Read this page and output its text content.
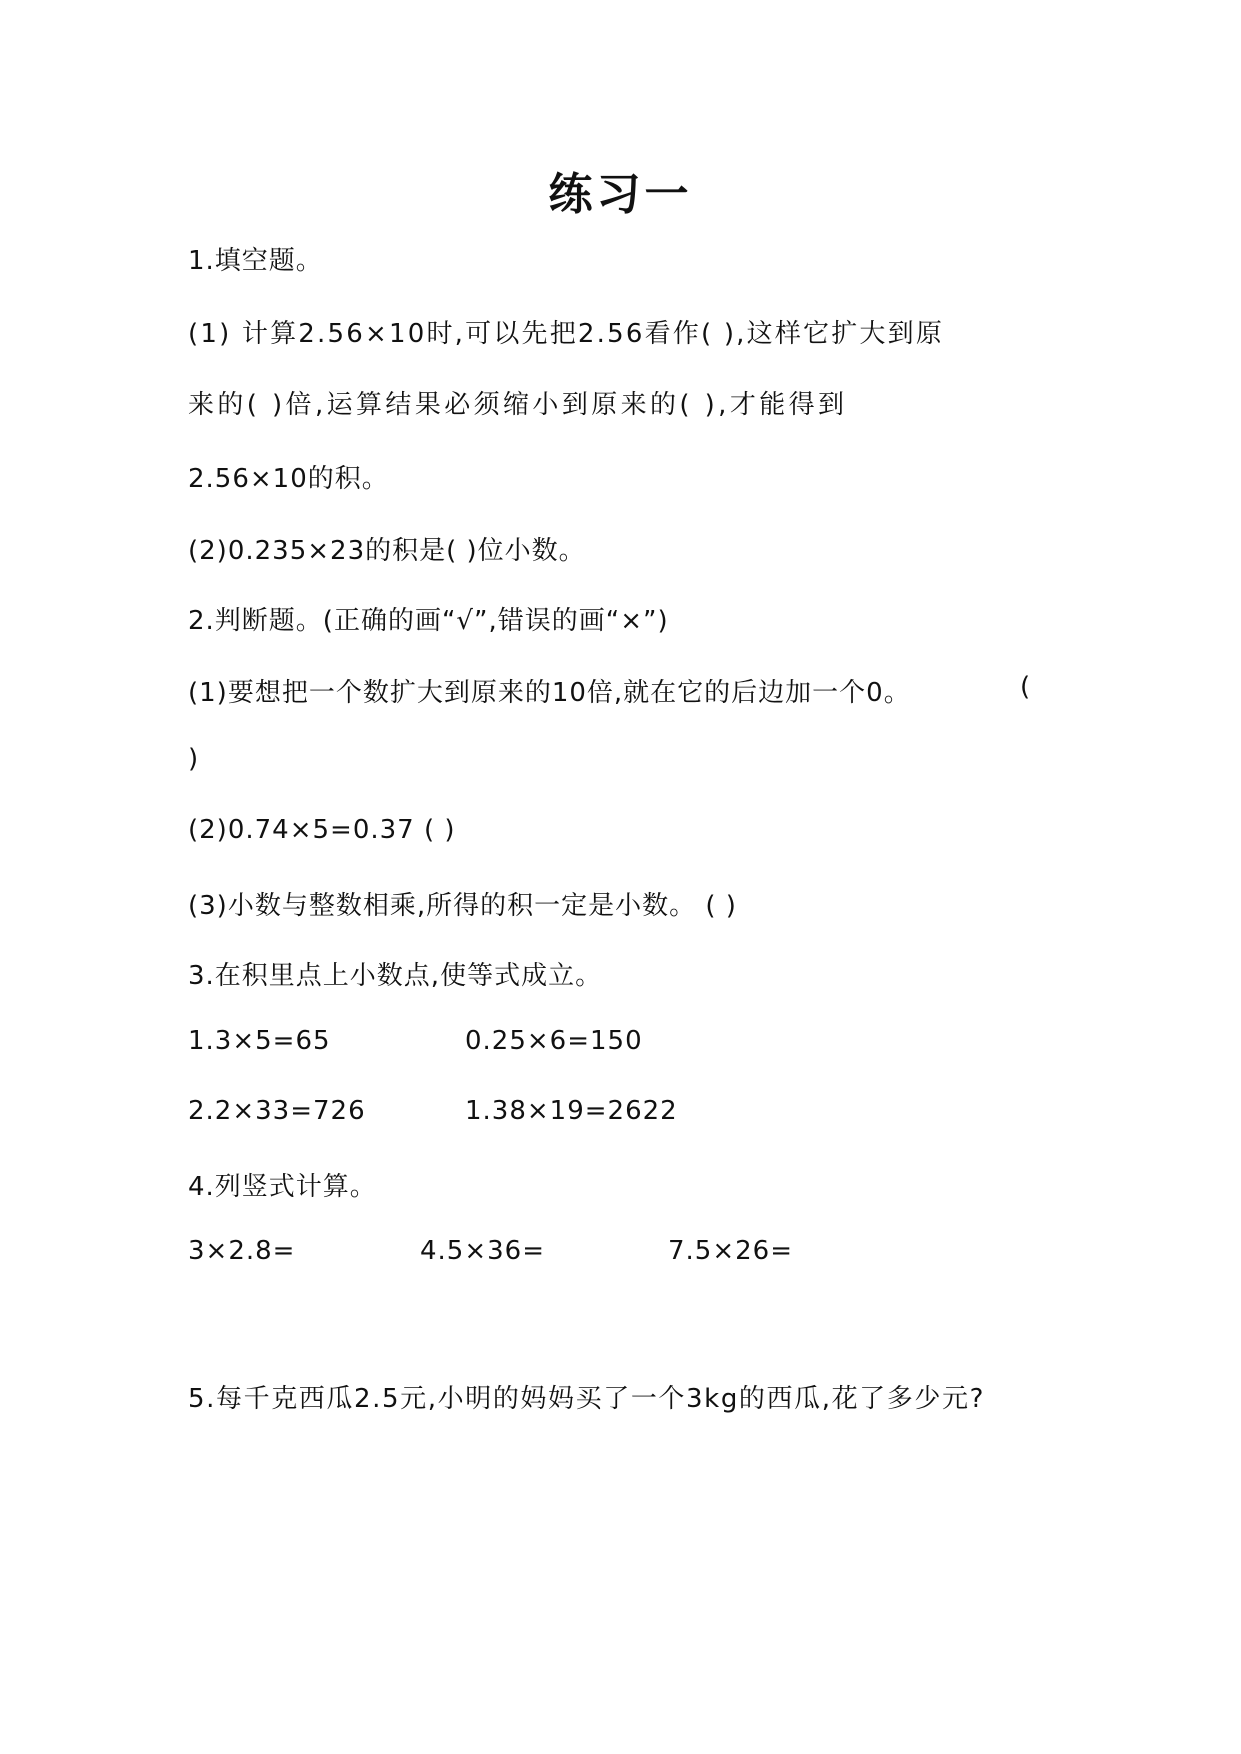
练习一
1.填空题。
(1) 计算2.56×10时,可以先把2.56看作( ),这样它扩大到原
来的( )倍,运算结果必须缩小到原来的( ),才能得到
2.56×10的积。
(2)0.235×23的积是( )位小数。
2.判断题。(正确的画“√”,错误的画“×”)
(1)要想把一个数扩大到原来的10倍,就在它的后边加一个0。	(
)
(2)0.74×5=0.37 ( )
(3)小数与整数相乘,所得的积一定是小数。 ( )
3.在积里点上小数点,使等式成立。
1.3×5=65	0.25×6=150
2.2×33=726	1.38×19=2622
4.列竖式计算。
3×2.8=	4.5×36=	7.5×26=
5.每千克西瓜2.5元,小明的妈妈买了一个3kg的西瓜,花了多少元?
